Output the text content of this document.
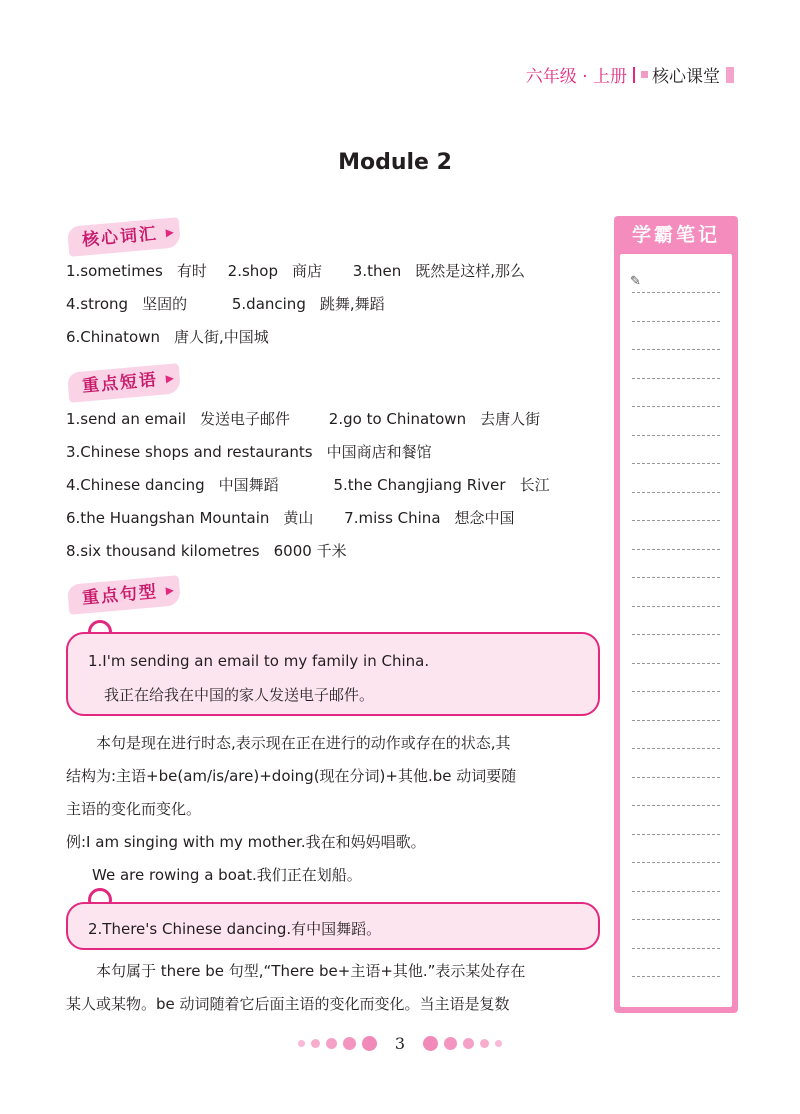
六年级 · 上册 核心课堂
Module 2
核心词汇
1.sometimes 有时 2.shop 商店 3.then 既然是这样,那么
4.strong 坚固的	5.dancing 跳舞,舞蹈
6.Chinatown 唐人街,中国城
重点短语
1.send an email 发送电子邮件	2.go to Chinatown 去唐人街
3.Chinese shops and restaurants 中国商店和餐馆
4.Chinese dancing 中国舞蹈	5.the Changjiang River 长江
6.the Huangshan Mountain 黄山 7.miss China 想念中国
8.six thousand kilometres 6000 千米
重点句型
1.I'm sending an email to my family in China.
我正在给我在中国的家人发送电子邮件。
本句是现在进行时态,表示现在正在进行的动作或存在的状态,其
结构为:主语+be(am/is/are)+doing(现在分词)+其他.be 动词要随
主语的变化而变化。
例:I am singing with my mother.我在和妈妈唱歌。
We are rowing a boat.我们正在划船。
2.There's Chinese dancing.有中国舞蹈。
本句属于 there be 句型,“There be+主语+其他.”表示某处存在
某人或某物。be 动词随着它后面主语的变化而变化。当主语是复数
学霸笔记
✎
3
